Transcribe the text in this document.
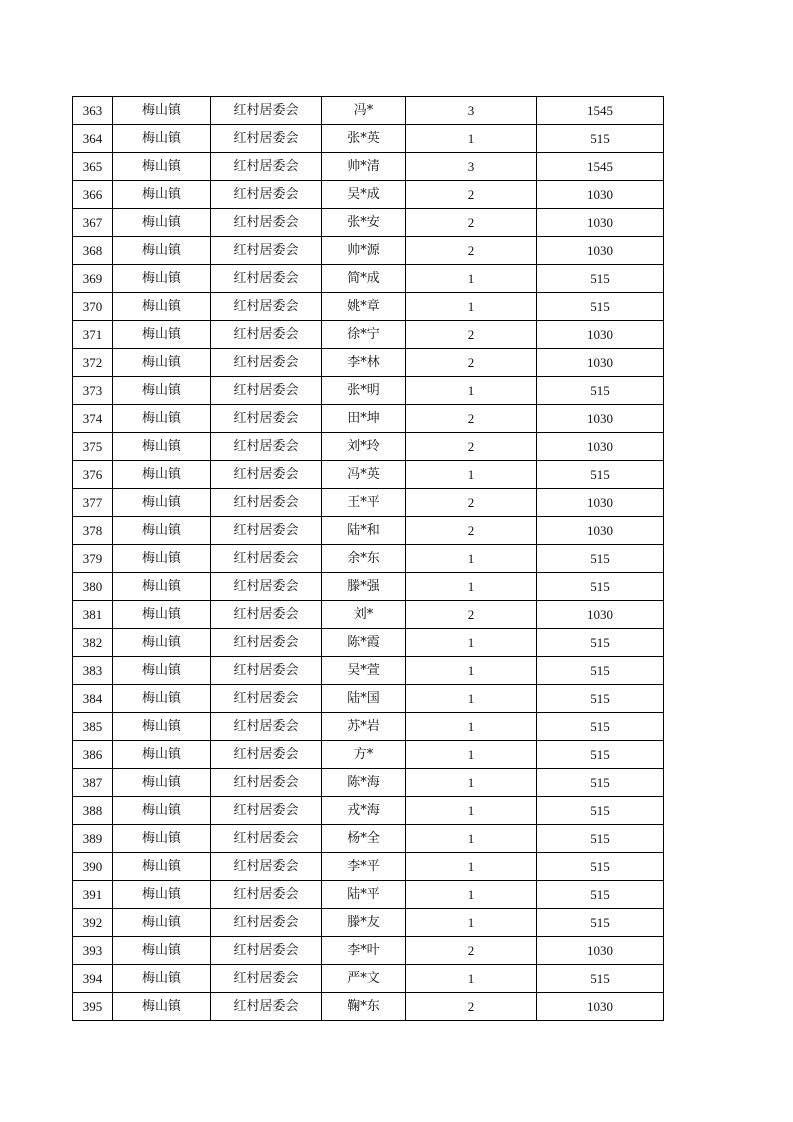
363	梅山镇	红村居委会	冯*	3	1545
364	梅山镇	红村居委会	张*英	1	515
365	梅山镇	红村居委会	帅*清	3	1545
366	梅山镇	红村居委会	吴*成	2	1030
367	梅山镇	红村居委会	张*安	2	1030
368	梅山镇	红村居委会	帅*源	2	1030
369	梅山镇	红村居委会	简*成	1	515
370	梅山镇	红村居委会	姚*章	1	515
371	梅山镇	红村居委会	徐*宁	2	1030
372	梅山镇	红村居委会	李*林	2	1030
373	梅山镇	红村居委会	张*明	1	515
374	梅山镇	红村居委会	田*坤	2	1030
375	梅山镇	红村居委会	刘*玲	2	1030
376	梅山镇	红村居委会	冯*英	1	515
377	梅山镇	红村居委会	王*平	2	1030
378	梅山镇	红村居委会	陆*和	2	1030
379	梅山镇	红村居委会	余*东	1	515
380	梅山镇	红村居委会	滕*强	1	515
381	梅山镇	红村居委会	刘*	2	1030
382	梅山镇	红村居委会	陈*霞	1	515
383	梅山镇	红村居委会	吴*萱	1	515
384	梅山镇	红村居委会	陆*国	1	515
385	梅山镇	红村居委会	苏*岩	1	515
386	梅山镇	红村居委会	方*	1	515
387	梅山镇	红村居委会	陈*海	1	515
388	梅山镇	红村居委会	戎*海	1	515
389	梅山镇	红村居委会	杨*全	1	515
390	梅山镇	红村居委会	李*平	1	515
391	梅山镇	红村居委会	陆*平	1	515
392	梅山镇	红村居委会	滕*友	1	515
393	梅山镇	红村居委会	李*叶	2	1030
394	梅山镇	红村居委会	严*文	1	515
395	梅山镇	红村居委会	鞠*东	2	1030
